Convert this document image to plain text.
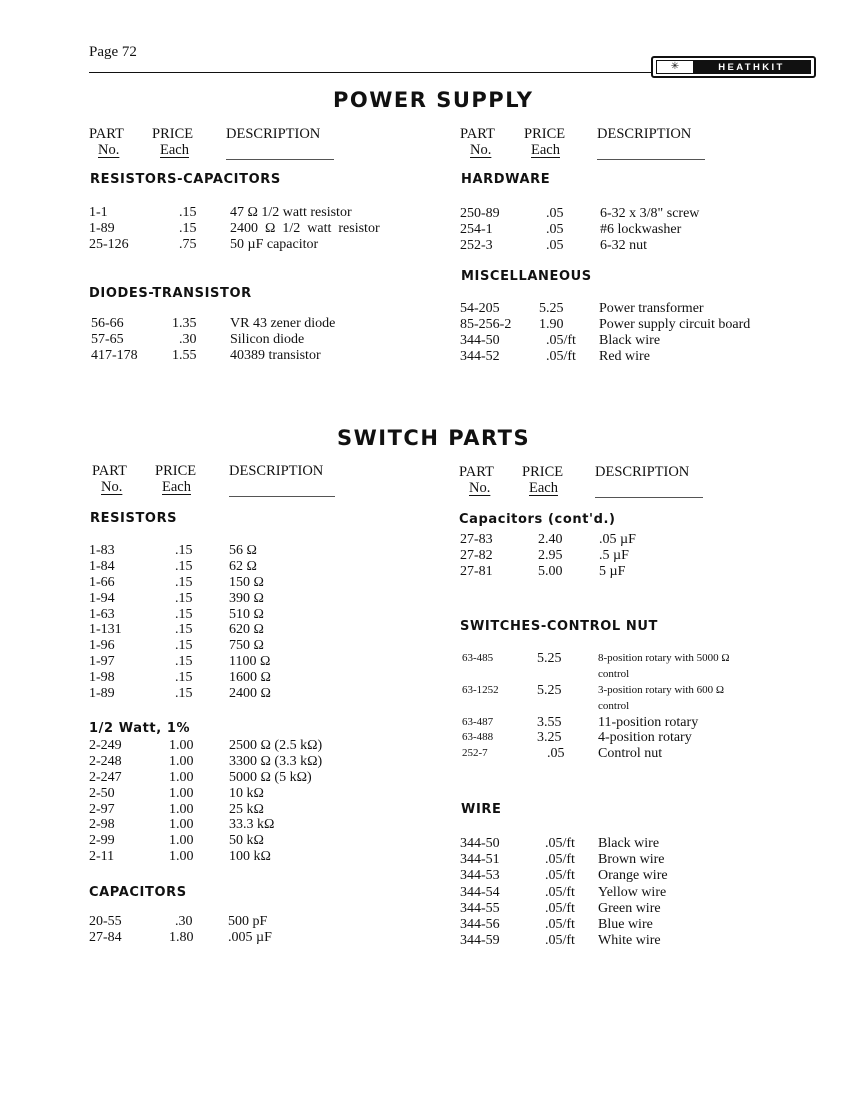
Page 72
✳	HEATHKIT
POWER SUPPLY
PART PRICE DESCRIPTION
No.	Each
PART PRICE DESCRIPTION
No.	Each
RESISTORS-CAPACITORS
1-1	.15 47 Ω 1/2 watt resistor
1-89	.15 2400  Ω  1/2  watt  resistor
25-126	.75 50 µF capacitor
DIODES-TRANSISTOR
56-66	1.35 VR 43 zener diode
57-65	.30 Silicon diode
417-178 1.55 40389 transistor
HARDWARE
250-89	.05	6-32 x 3/8" screw
254-1	.05	#6 lockwasher
252-3	.05	6-32 nut
MISCELLANEOUS
54-205	5.25	Power transformer
85-256-2 1.90	Power supply circuit board
344-50	.05/ft Black wire
344-52	.05/ft Red wire
SWITCH PARTS
PART PRICE DESCRIPTION
No.	Each
PART PRICE DESCRIPTION
No.	Each
RESISTORS
1-83	.15	56 Ω
1-84	.15	62 Ω
1-66	.15	150 Ω
1-94	.15	390 Ω
1-63	.15	510 Ω
1-131	.15	620 Ω
1-96	.15	750 Ω
1-97	.15	1100 Ω
1-98	.15	1600 Ω
1-89	.15	2400 Ω
1/2 Watt, 1%
2-249	1.00	2500 Ω (2.5 kΩ)
2-248	1.00	3300 Ω (3.3 kΩ)
2-247	1.00	5000 Ω (5 kΩ)
2-50	1.00	10 kΩ
2-97	1.00	25 kΩ
2-98	1.00	33.3 kΩ
2-99	1.00	50 kΩ
2-11	1.00	100 kΩ
CAPACITORS
20-55	.30	500 pF
27-84	1.80 .005 µF
Capacitors (cont'd.)
27-83	2.40	.05 µF
27-82	2.95	.5 µF
27-81	5.00	5 µF
SWITCHES-CONTROL NUT
63-485	5.25	8-position rotary with 5000 Ω
control
63-1252	5.25	3-position rotary with 600 Ω
control
63-487	3.55	11-position rotary
63-488	3.25	4-position rotary
252-7	.05 Control nut
WIRE
344-50	.05/ft Black wire
344-51	.05/ft Brown wire
344-53	.05/ft Orange wire
344-54	.05/ft Yellow wire
344-55	.05/ft Green wire
344-56	.05/ft Blue wire
344-59	.05/ft White wire
